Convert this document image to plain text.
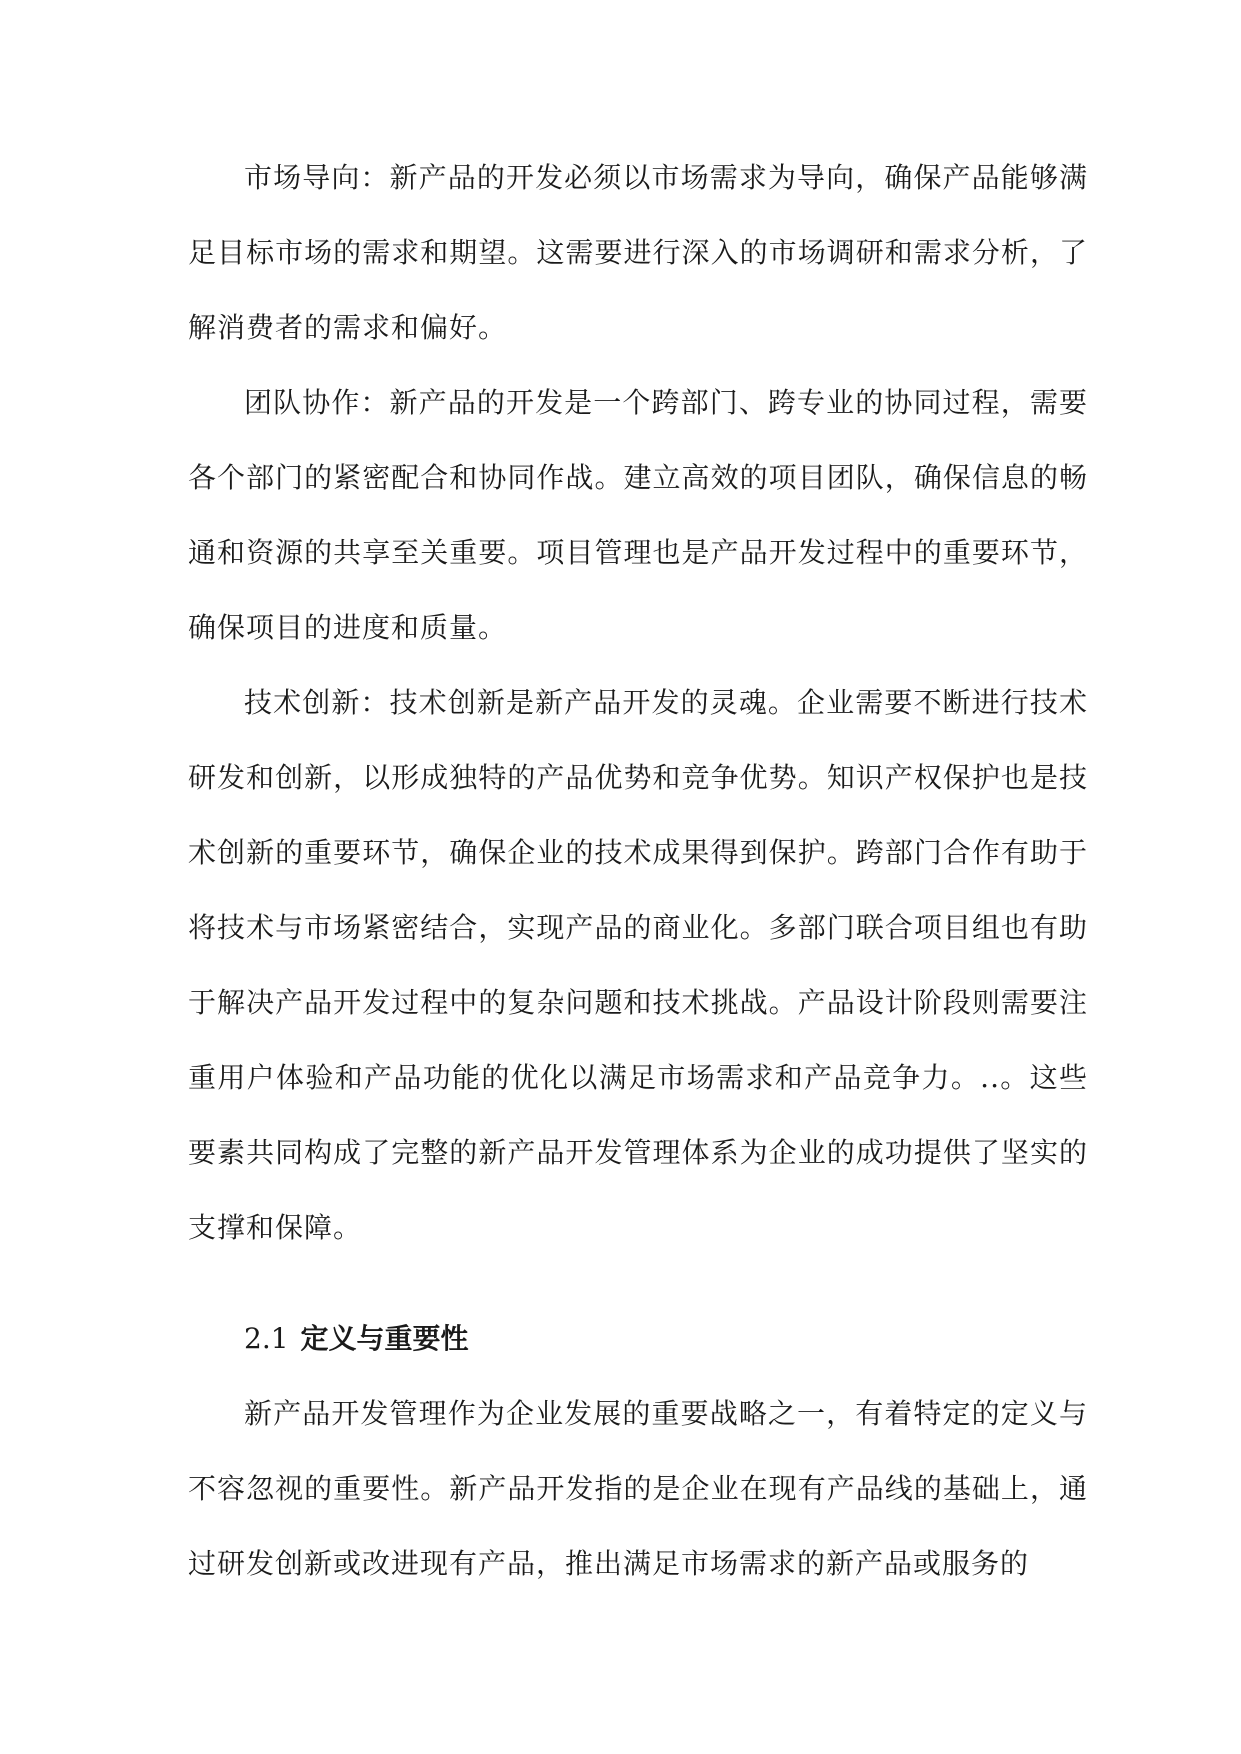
市场导向：新产品的开发必须以市场需求为导向，确保产品能够满足目标市场的需求和期望。这需要进行深入的市场调研和需求分析，了解消费者的需求和偏好。

团队协作：新产品的开发是一个跨部门、跨专业的协同过程，需要各个部门的紧密配合和协同作战。建立高效的项目团队，确保信息的畅通和资源的共享至关重要。项目管理也是产品开发过程中的重要环节，确保项目的进度和质量。

技术创新：技术创新是新产品开发的灵魂。企业需要不断进行技术研发和创新，以形成独特的产品优势和竞争优势。知识产权保护也是技术创新的重要环节，确保企业的技术成果得到保护。跨部门合作有助于将技术与市场紧密结合，实现产品的商业化。多部门联合项目组也有助于解决产品开发过程中的复杂问题和技术挑战。产品设计阶段则需要注重用户体验和产品功能的优化以满足市场需求和产品竞争力。..。这些要素共同构成了完整的新产品开发管理体系为企业的成功提供了坚实的支撑和保障。

2.1 定义与重要性

新产品开发管理作为企业发展的重要战略之一，有着特定的定义与不容忽视的重要性。新产品开发指的是企业在现有产品线的基础上，通过研发创新或改进现有产品，推出满足市场需求的新产品或服务的
